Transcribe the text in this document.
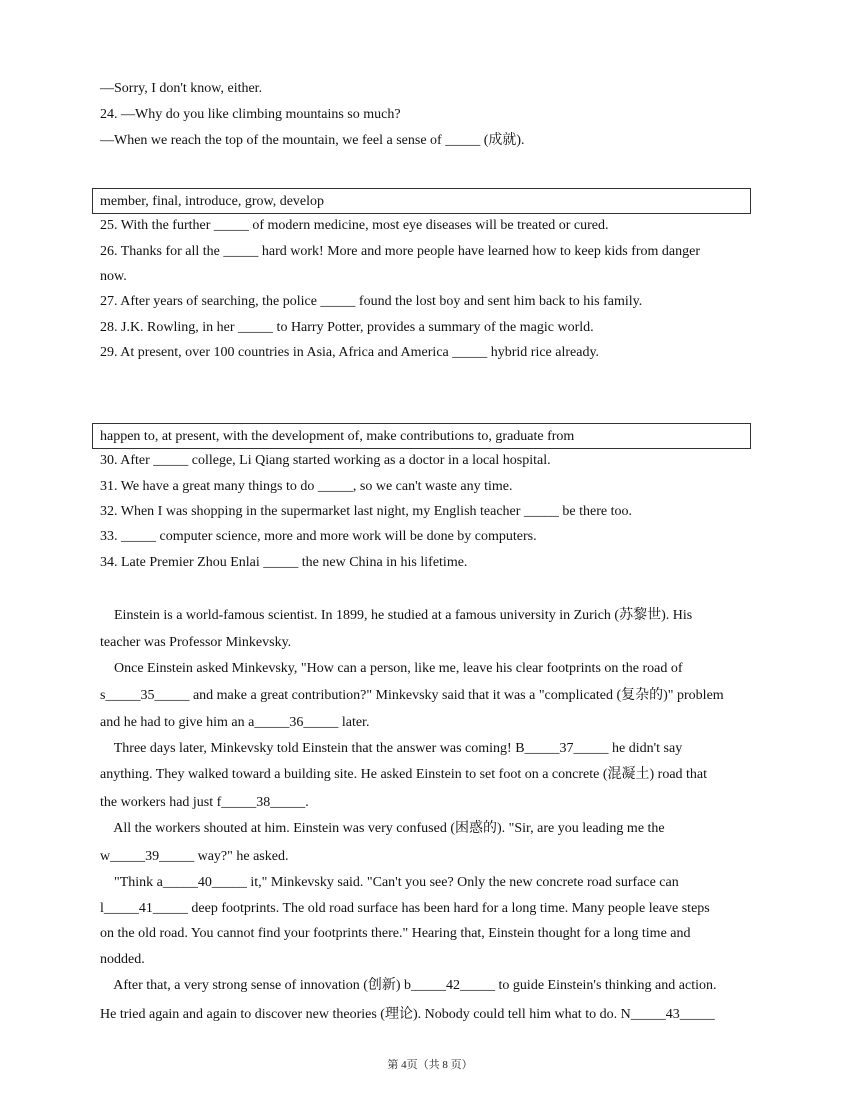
—Sorry, I don't know, either.
24. —Why do you like climbing mountains so much?
—When we reach the top of the mountain, we feel a sense of _____ (成就).
member, final, introduce, grow, develop
25. With the further _____ of modern medicine, most eye diseases will be treated or cured.
26. Thanks for all the _____ hard work! More and more people have learned how to keep kids from danger
now.
27. After years of searching, the police _____ found the lost boy and sent him back to his family.
28. J.K. Rowling, in her _____ to Harry Potter, provides a summary of the magic world.
29. At present, over 100 countries in Asia, Africa and America _____ hybrid rice already.
happen to, at present, with the development of, make contributions to, graduate from
30. After _____ college, Li Qiang started working as a doctor in a local hospital.
31. We have a great many things to do _____, so we can't waste any time.
32. When I was shopping in the supermarket last night, my English teacher _____ be there too.
33. _____ computer science, more and more work will be done by computers.
34. Late Premier Zhou Enlai _____ the new China in his lifetime.
Einstein is a world-famous scientist. In 1899, he studied at a famous university in Zurich (苏黎世). His
teacher was Professor Minkevsky.
Once Einstein asked Minkevsky, "How can a person, like me, leave his clear footprints on the road of
s_____35_____ and make a great contribution?" Minkevsky said that it was a "complicated (复杂的)" problem
and he had to give him an a_____36_____ later.
Three days later, Minkevsky told Einstein that the answer was coming! B_____37_____ he didn't say
anything. They walked toward a building site. He asked Einstein to set foot on a concrete (混凝土) road that
the workers had just f_____38_____.
All the workers shouted at him. Einstein was very confused (困惑的). "Sir, are you leading me the
w_____39_____ way?" he asked.
"Think a_____40_____ it," Minkevsky said. "Can't you see? Only the new concrete road surface can
l_____41_____ deep footprints. The old road surface has been hard for a long time. Many people leave steps
on the old road. You cannot find your footprints there." Hearing that, Einstein thought for a long time and
nodded.
After that, a very strong sense of innovation (创新) b_____42_____ to guide Einstein's thinking and action.
He tried again and again to discover new theories (理论). Nobody could tell him what to do. N_____43_____
第 4页（共 8 页）
